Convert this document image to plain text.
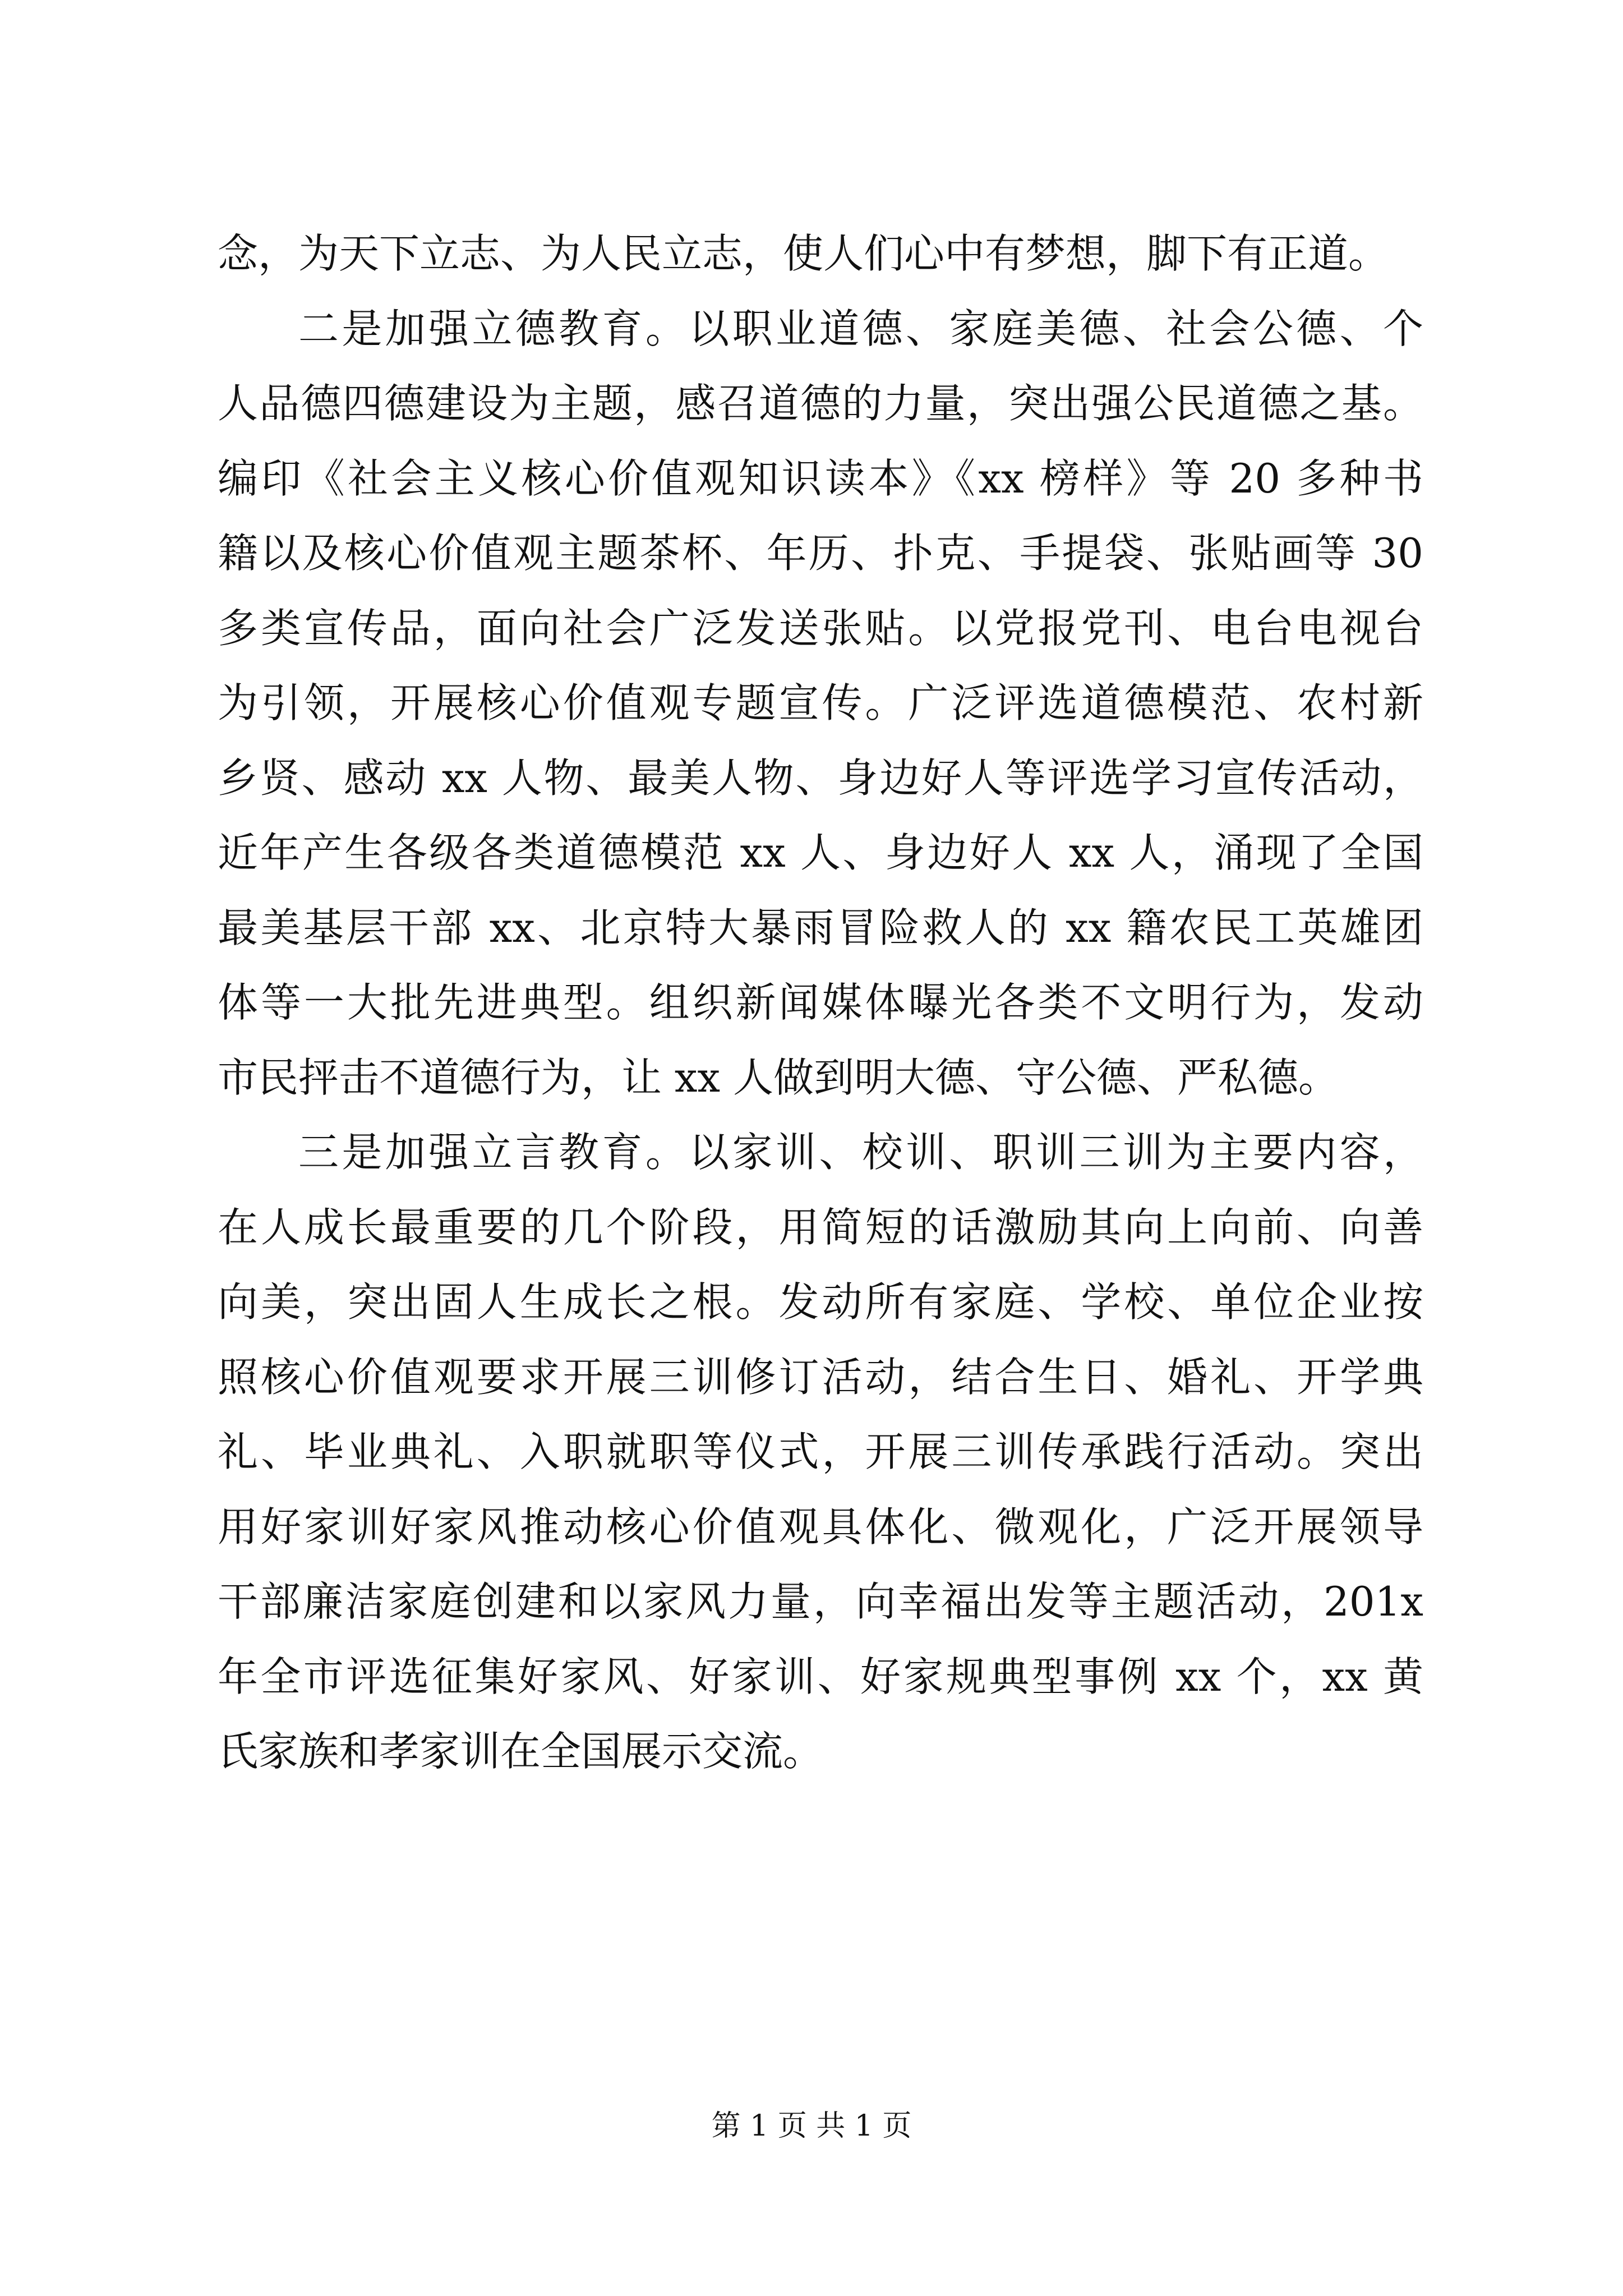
念，为天下立志、为人民立志，使人们心中有梦想，脚下有正道。
二是加强立德教育。以职业道德、家庭美德、社会公德、个
人品德四德建设为主题，感召道德的力量，突出强公民道德之基。
编印《社会主义核心价值观知识读本》《xx 榜样》等 20 多种书
籍以及核心价值观主题茶杯、年历、扑克、手提袋、张贴画等 30
多类宣传品，面向社会广泛发送张贴。以党报党刊、电台电视台
为引领，开展核心价值观专题宣传。广泛评选道德模范、农村新
乡贤、感动 xx 人物、最美人物、身边好人等评选学习宣传活动，
近年产生各级各类道德模范 xx 人、身边好人 xx 人，涌现了全国
最美基层干部 xx、北京特大暴雨冒险救人的 xx 籍农民工英雄团
体等一大批先进典型。组织新闻媒体曝光各类不文明行为，发动
市民抨击不道德行为，让 xx 人做到明大德、守公德、严私德。
三是加强立言教育。以家训、校训、职训三训为主要内容，
在人成长最重要的几个阶段，用简短的话激励其向上向前、向善
向美，突出固人生成长之根。发动所有家庭、学校、单位企业按
照核心价值观要求开展三训修订活动，结合生日、婚礼、开学典
礼、毕业典礼、入职就职等仪式，开展三训传承践行活动。突出
用好家训好家风推动核心价值观具体化、微观化，广泛开展领导
干部廉洁家庭创建和以家风力量，向幸福出发等主题活动，201x
年全市评选征集好家风、好家训、好家规典型事例 xx 个，xx 黄
氏家族和孝家训在全国展示交流。
第 1 页 共 1 页
